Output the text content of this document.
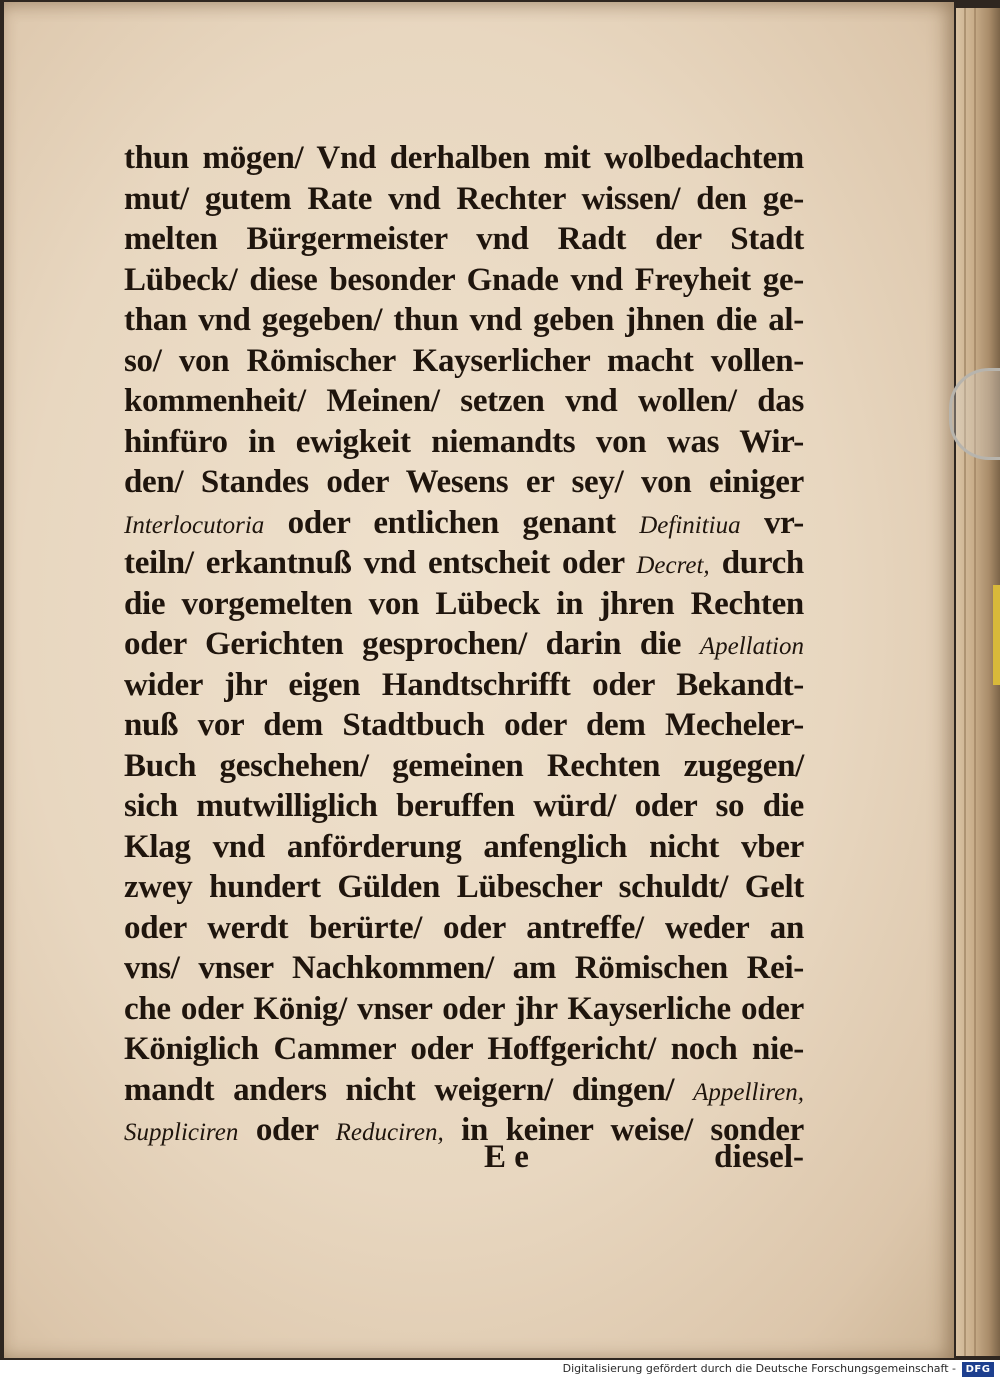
thun mögen/ Vnd derhalben mit wolbedachtem
mut/ gutem Rate vnd Rechter wissen/ den ge-
melten Bürgermeister vnd Radt der Stadt
Lübeck/ diese besonder Gnade vnd Freyheit ge-
than vnd gegeben/ thun vnd geben jhnen die al-
so/ von Römischer Kayserlicher macht vollen-
kommenheit/ Meinen/ setzen vnd wollen/ das
hinfüro in ewigkeit niemandts von was Wir-
den/ Standes oder Wesens er sey/ von einiger
Interlocutoria oder entlichen genant Definitiua vr-
teiln/ erkantnuß vnd entscheit oder Decret, durch
die vorgemelten von Lübeck in jhren Rechten
oder Gerichten gesprochen/ darin die Apellation
wider jhr eigen Handtschrifft oder Bekandt-
nuß vor dem Stadtbuch oder dem Mecheler-
Buch geschehen/ gemeinen Rechten zugegen/
sich mutwilliglich beruffen würd/ oder so die
Klag vnd anförderung anfenglich nicht vber
zwey hundert Gülden Lübescher schuldt/ Gelt
oder werdt berürte/ oder antreffe/ weder an
vns/ vnser Nachkommen/ am Römischen Rei-
che oder König/ vnser oder jhr Kayserliche oder
Königlich Cammer oder Hoffgericht/ noch nie-
mandt anders nicht weigern/ dingen/ Appelliren,
Suppliciren oder Reduciren, in keiner weise/ sonder
E e	diesel-
Digitalisierung gefördert durch die Deutsche Forschungsgemeinschaft - DFG
